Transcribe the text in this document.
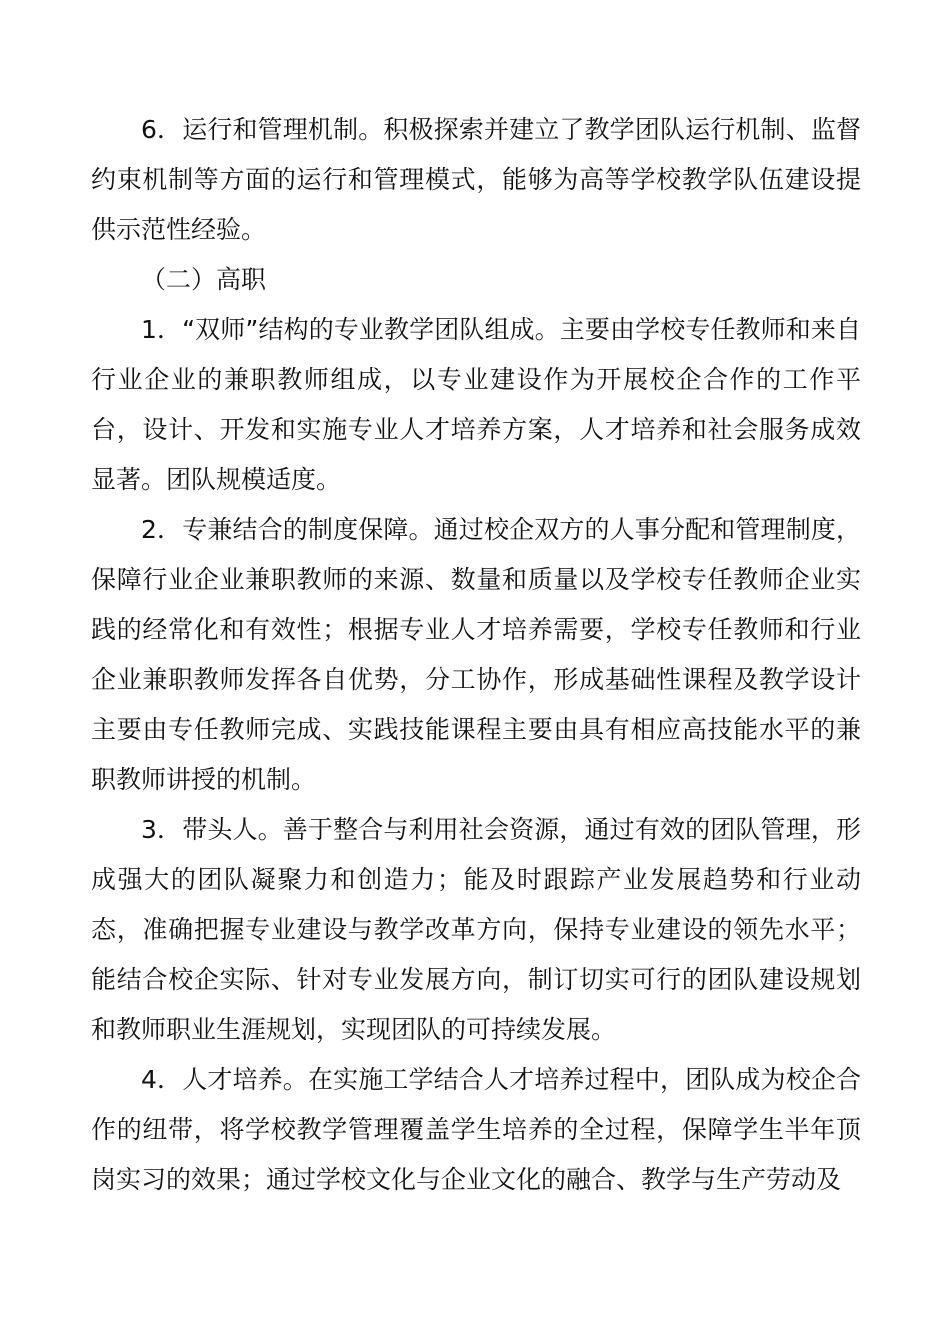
6．运行和管理机制。积极探索并建立了教学团队运行机制、监督约束机制等方面的运行和管理模式，能够为高等学校教学队伍建设提供示范性经验。

（二）高职

1．“双师”结构的专业教学团队组成。主要由学校专任教师和来自行业企业的兼职教师组成，以专业建设作为开展校企合作的工作平台，设计、开发和实施专业人才培养方案，人才培养和社会服务成效显著。团队规模适度。

2．专兼结合的制度保障。通过校企双方的人事分配和管理制度，保障行业企业兼职教师的来源、数量和质量以及学校专任教师企业实践的经常化和有效性；根据专业人才培养需要，学校专任教师和行业企业兼职教师发挥各自优势，分工协作，形成基础性课程及教学设计主要由专任教师完成、实践技能课程主要由具有相应高技能水平的兼职教师讲授的机制。

3．带头人。善于整合与利用社会资源，通过有效的团队管理，形成强大的团队凝聚力和创造力；能及时跟踪产业发展趋势和行业动态，准确把握专业建设与教学改革方向，保持专业建设的领先水平；能结合校企实际、针对专业发展方向，制订切实可行的团队建设规划和教师职业生涯规划，实现团队的可持续发展。

4．人才培养。在实施工学结合人才培养过程中，团队成为校企合作的纽带，将学校教学管理覆盖学生培养的全过程，保障学生半年顶岗实习的效果；通过学校文化与企业文化的融合、教学与生产劳动及
